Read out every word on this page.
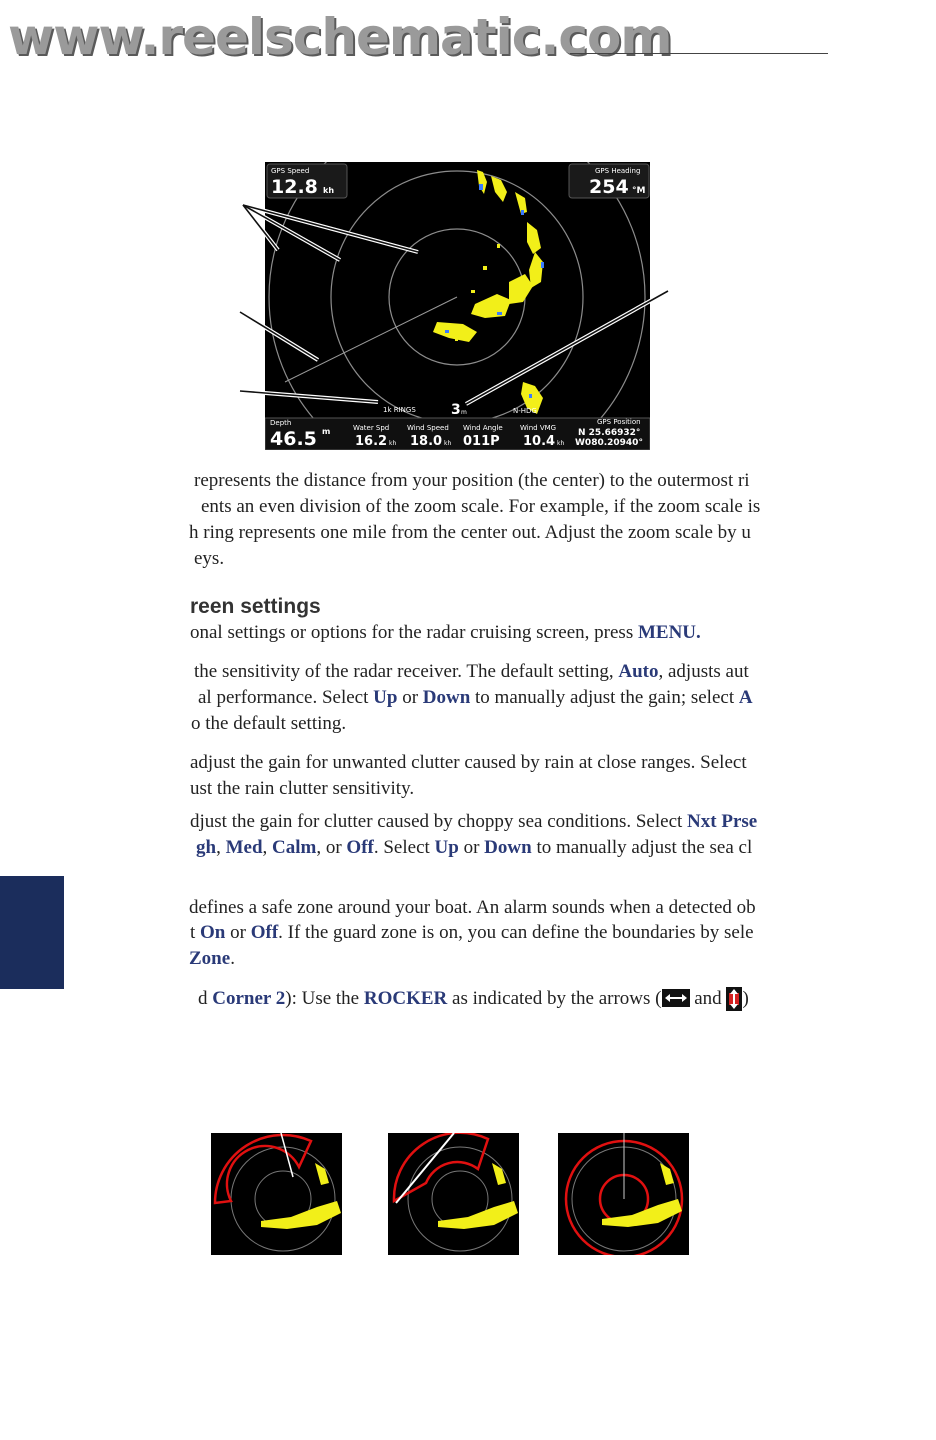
www.reelschematic.com
GPS Speed
12.8 kh
GPS Heading
254 °M
1k RINGS	3 m	N-HDG
Depth
46.5 m	Water Spd
16.2 kh
Wind Speed
18.0 kh
Wind Angle
011P
Wind VMG
10.4 kh
GPS Position
N 25.66932°
W080.20940°
represents the distance from your position (the center) to the outermost ri
ents an even division of the zoom scale. For example, if the zoom scale is
h ring represents one mile from the center out. Adjust the zoom scale by u
eys.
reen settings
onal settings or options for the radar cruising screen, press MENU.
the sensitivity of the radar receiver. The default setting, Auto, adjusts aut
al performance. Select Up or Down to manually adjust the gain; select A
o the default setting.
adjust the gain for unwanted clutter caused by rain at close ranges. Select
ust the rain clutter sensitivity.
djust the gain for clutter caused by choppy sea conditions. Select Nxt Prse
gh, Med, Calm, or Off. Select Up or Down to manually adjust the sea cl
defines a safe zone around your boat. An alarm sounds when a detected ob
t On or Off. If the guard zone is on, you can define the boundaries by sele
Zone.
d Corner 2): Use the ROCKER as indicated by the arrows ( and )
